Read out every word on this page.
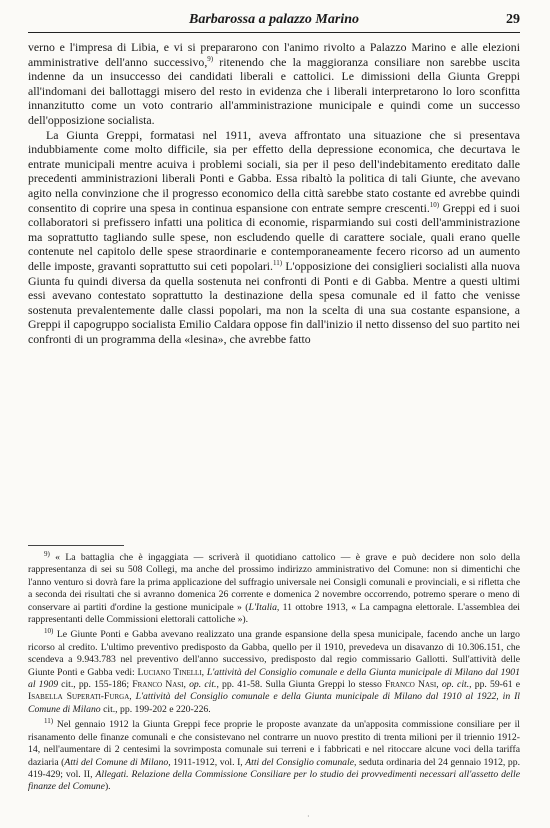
Barbarossa a palazzo Marino	29

verno e l'impresa di Libia, e vi si prepararono con l'animo rivolto a Palazzo Marino e alle elezioni amministrative dell'anno successivo,$^{9)}$ ritenendo che la maggioranza consiliare non sarebbe uscita indenne da un insuccesso dei candidati liberali e cattolici. Le dimissioni della Giunta Greppi all'indomani dei ballottaggi misero del resto in evidenza che i liberali interpretarono lo loro sconfitta innanzitutto come un voto contrario all'amministrazione municipale e quindi come un successo dell'opposizione socialista.

La Giunta Greppi, formatasi nel 1911, aveva affrontato una situazione che si presentava indubbiamente come molto difficile, sia per effetto della depressione economica, che decurtava le entrate municipali mentre acuiva i problemi sociali, sia per il peso dell'indebitamento ereditato dalle precedenti amministrazioni liberali Ponti e Gabba. Essa ribaltò la politica di tali Giunte, che avevano agito nella convinzione che il progresso economico della città sarebbe stato costante ed avrebbe quindi consentito di coprire una spesa in continua espansione con entrate sempre crescenti.$^{10)}$ Greppi ed i suoi collaboratori si prefissero infatti una politica di economie, risparmiando sui costi dell'amministrazione ma soprattutto tagliando sulle spese, non escludendo quelle di carattere sociale, quali erano quelle contenute nel capitolo delle spese straordinarie e contemporaneamente fecero ricorso ad un aumento delle imposte, gravanti soprattutto sui ceti popolari.$^{11)}$ L'opposizione dei consiglieri socialisti alla nuova Giunta fu quindi diversa da quella sostenuta nei confronti di Ponti e di Gabba. Mentre a questi ultimi essi avevano contestato soprattutto la destinazione della spesa comunale ed il fatto che venisse sostenuta prevalentemente dalle classi popolari, ma non la scelta di una sua costante espansione, a Greppi il capogruppo socialista Emilio Caldara oppose fin dall'inizio il netto dissenso del suo partito nei confronti di un programma della «lesina», che avrebbe fatto

$^{9)}$ « La battaglia che è ingaggiata — scriverà il quotidiano cattolico — è grave e può decidere non solo della rappresentanza di sei su 508 Collegi, ma anche del prossimo indirizzo amministrativo del Comune: non si dimentichi che l'anno venturo si dovrà fare la prima applicazione del suffragio universale nei Consigli comunali e provinciali, e si rifletta che a seconda dei risultati che si avranno domenica 26 corrente e domenica 2 novembre occorrendo, potremo sperare o meno di conservare ai partiti d'ordine la gestione municipale » (L'Italia, 11 ottobre 1913, « La campagna elettorale. L'assemblea dei rappresentanti delle Commissioni elettorali cattoliche »).

$^{10)}$ Le Giunte Ponti e Gabba avevano realizzato una grande espansione della spesa municipale, facendo anche un largo ricorso al credito. L'ultimo preventivo predisposto da Gabba, quello per il 1910, prevedeva un disavanzo di 10.306.151, che scendeva a 9.943.783 nel preventivo dell'anno successivo, predisposto dal regio commissario Gallotti. Sull'attività delle Giunte Ponti e Gabba vedi: Luciano Tinelli, L'attività del Consiglio comunale e della Giunta municipale di Milano dal 1901 al 1909 cit., pp. 155-186; Franco Nasi, op. cit., pp. 41-58. Sulla Giunta Greppi lo stesso Franco Nasi, op. cit., pp. 59-61 e Isabella Superati-Furga, L'attività del Consiglio comunale e della Giunta municipale di Milano dal 1910 al 1922, in Il Comune di Milano cit., pp. 199-202 e 220-226.

$^{11)}$ Nel gennaio 1912 la Giunta Greppi fece proprie le proposte avanzate da un'apposita commissione consiliare per il risanamento delle finanze comunali e che consistevano nel contrarre un nuovo prestito di trenta milioni per il triennio 1912-14, nell'aumentare di 2 centesimi la sovrimposta comunale sui terreni e i fabbricati e nel ritoccare alcune voci della tariffa daziaria (Atti del Comune di Milano, 1911-1912, vol. I, Atti del Consiglio comunale, seduta ordinaria del 24 gennaio 1912, pp. 419-429; vol. II, Allegati. Relazione della Commissione Consiliare per lo studio dei provvedimenti necessari all'assetto delle finanze del Comune).

·
